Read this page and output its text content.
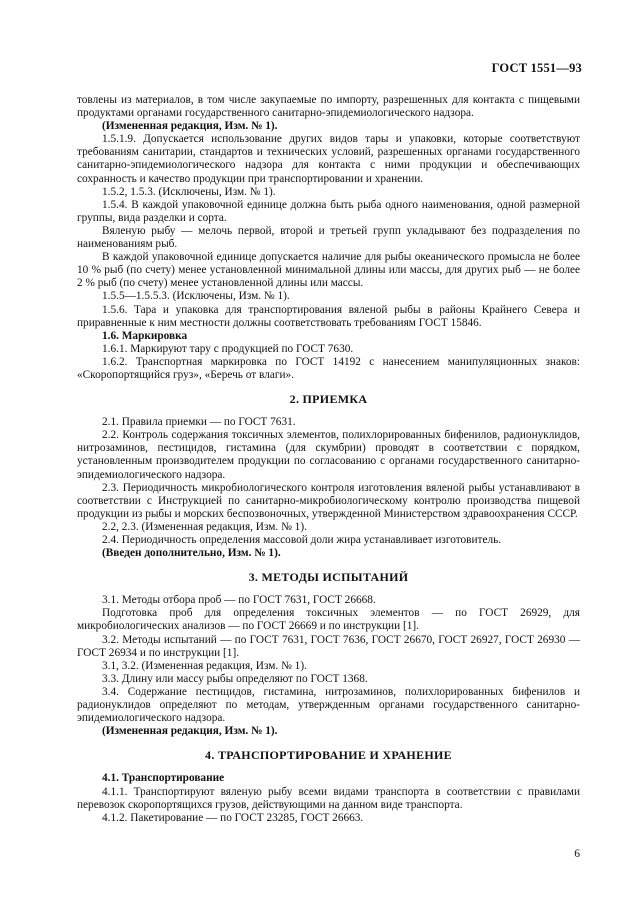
ГОСТ 1551—93

товлены из материалов, в том числе закупаемые по импорту, разрешенных для контакта с пищевыми продуктами органами государственного санитарно-эпидемиологического надзора.

(Измененная редакция, Изм. № 1).

1.5.1.9. Допускается использование других видов тары и упаковки, которые соответствуют требованиям санитарии, стандартов и технических условий, разрешенных органами государственного санитарно-эпидемиологического надзора для контакта с ними продукции и обеспечивающих сохранность и качество продукции при транспортировании и хранении.

1.5.2, 1.5.3. (Исключены, Изм. № 1).

1.5.4. В каждой упаковочной единице должна быть рыба одного наименования, одной размерной группы, вида разделки и сорта.

Вяленую рыбу — мелочь первой, второй и третьей групп укладывают без подразделения по наименованиям рыб.

В каждой упаковочной единице допускается наличие для рыбы океанического промысла не более 10 % рыб (по счету) менее установленной минимальной длины или массы, для других рыб — не более 2 % рыб (по счету) менее установленной длины или массы.

1.5.5—1.5.5.3. (Исключены, Изм. № 1).

1.5.6. Тара и упаковка для транспортирования вяленой рыбы в районы Крайнего Севера и приравненные к ним местности должны соответствовать требованиям ГОСТ 15846.

1.6. Маркировка

1.6.1. Маркируют тару с продукцией по ГОСТ 7630.

1.6.2. Транспортная маркировка по ГОСТ 14192 с нанесением манипуляционных знаков: «Скоропортящийся груз», «Беречь от влаги».

2. ПРИЕМКА

2.1. Правила приемки — по ГОСТ 7631.

2.2. Контроль содержания токсичных элементов, полихлорированных бифенилов, радионуклидов, нитрозаминов, пестицидов, гистамина (для скумбрии) проводят в соответствии с порядком, установленным производителем продукции по согласованию с органами государственного санитарно-эпидемиологического надзора.

2.3. Периодичность микробиологического контроля изготовления вяленой рыбы устанавливают в соответствии с Инструкцией по санитарно-микробиологическому контролю производства пищевой продукции из рыбы и морских беспозвоночных, утвержденной Министерством здравоохранения СССР.

2.2, 2.3. (Измененная редакция, Изм. № 1).

2.4. Периодичность определения массовой доли жира устанавливает изготовитель.

(Введен дополнительно, Изм. № 1).

3. МЕТОДЫ ИСПЫТАНИЙ

3.1. Методы отбора проб — по ГОСТ 7631, ГОСТ 26668.

Подготовка проб для определения токсичных элементов — по ГОСТ 26929, для микробиологических анализов — по ГОСТ 26669 и по инструкции [1].

3.2. Методы испытаний — по ГОСТ 7631, ГОСТ 7636, ГОСТ 26670, ГОСТ 26927, ГОСТ 26930 — ГОСТ 26934 и по инструкции [1].

3.1, 3.2. (Измененная редакция, Изм. № 1).

3.3. Длину или массу рыбы определяют по ГОСТ 1368.

3.4. Содержание пестицидов, гистамина, нитрозаминов, полихлорированных бифенилов и радионуклидов определяют по методам, утвержденным органами государственного санитарно-эпидемиологического надзора.

(Измененная редакция, Изм. № 1).

4. ТРАНСПОРТИРОВАНИЕ И ХРАНЕНИЕ

4.1. Транспортирование

4.1.1. Транспортируют вяленую рыбу всеми видами транспорта в соответствии с правилами перевозок скоропортящихся грузов, действующими на данном виде транспорта.

4.1.2. Пакетирование — по ГОСТ 23285, ГОСТ 26663.

6
